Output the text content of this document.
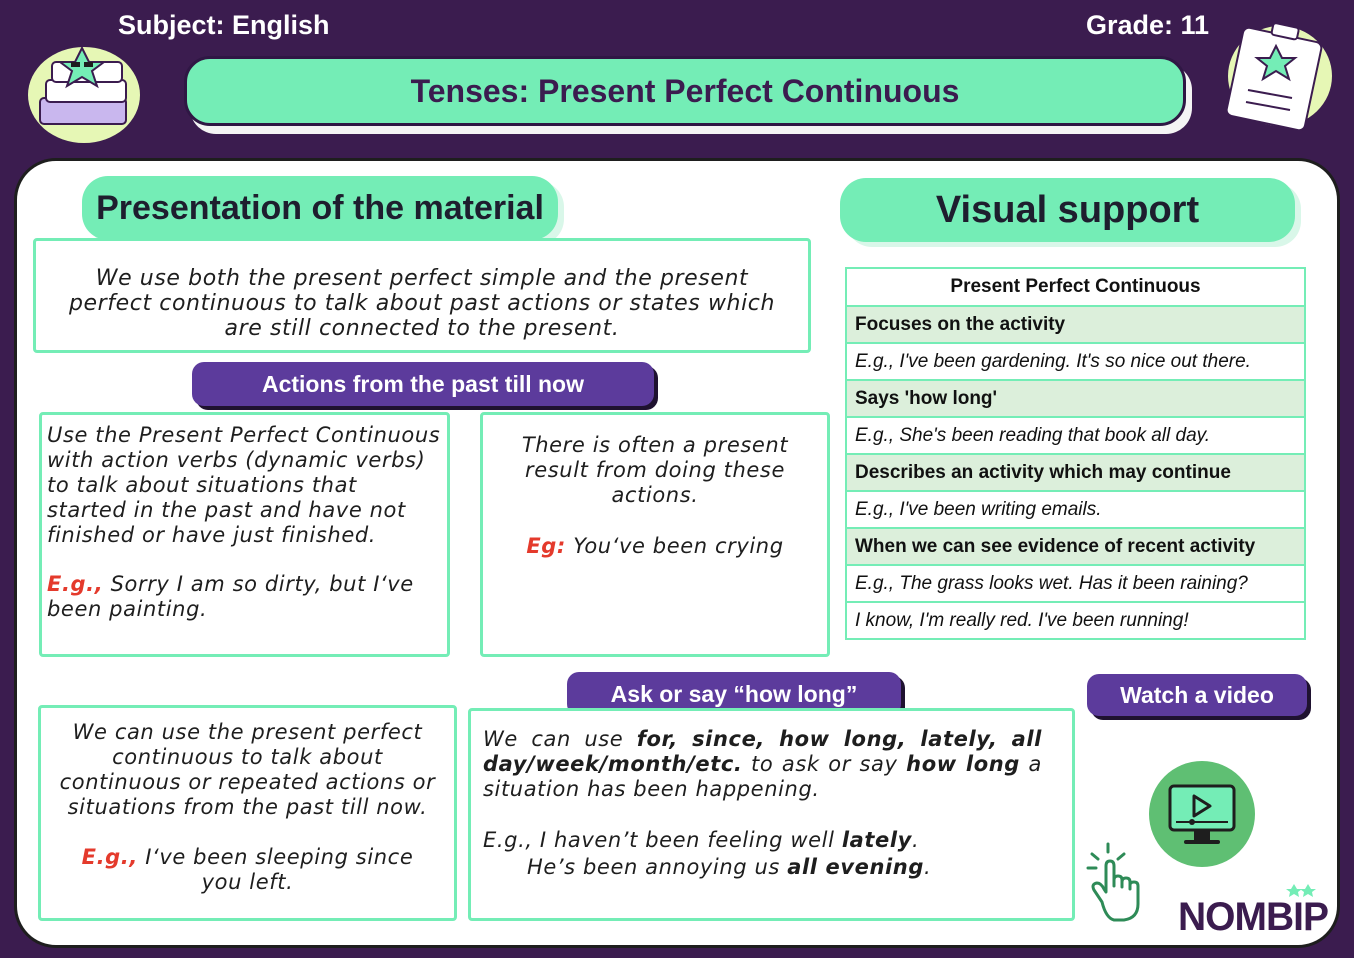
Subject: English	Grade: 11
Tenses: Present Perfect Continuous
Presentation of the material
We use both the present perfect simple and the present perfect continuous to talk about past actions or states which are still connected to the present.
Actions from the past till now
Use the Present Perfect Continuous with action verbs (dynamic verbs) to talk about situations that started in the past and have not finished or have just finished.
E.g., Sorry I am so dirty, but I‘ve been painting.
There is often a present result from doing these actions.
Eg: You‘ve been crying
We can use the present perfect continuous to talk about continuous or repeated actions or situations from the past till now.
E.g., I‘ve been sleeping since you left.
Ask or say “how long”
We can use for, since, how long, lately, all day/week/month/etc. to ask or say how long a situation has been happening.
E.g., I haven’t been feeling well lately.
He’s been annoying us all evening.
Visual support
Present Perfect Continuous
Focuses on the activity
E.g., I've been gardening. It's so nice out there.
Says 'how long'
E.g., She's been reading that book all day.
Describes an activity which may continue
E.g., I've been writing emails.
When we can see evidence of recent activity
E.g., The grass looks wet. Has it been raining?
I know, I'm really red. I've been running!
Watch a video
NOMBIP
